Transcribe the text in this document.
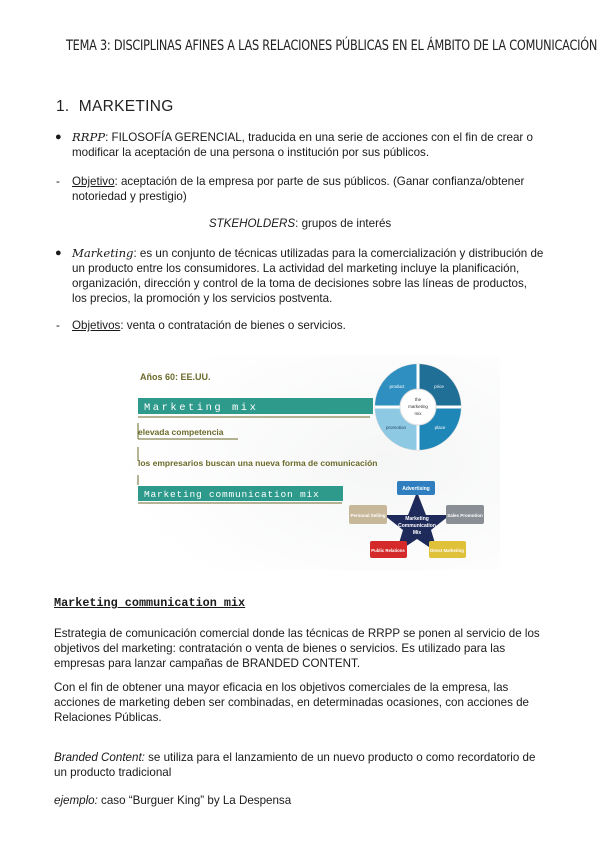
TEMA 3: DISCIPLINAS AFINES A LAS RELACIONES PÚBLICAS EN EL ÁMBITO DE LA COMUNICACIÓN
1. MARKETING
● RRPP: FILOSOFÍA GERENCIAL, traducida en una serie de acciones con el fin de crear o
modificar la aceptación de una persona o institución por sus públicos.
- Objetivo: aceptación de la empresa por parte de sus públicos. (Ganar confianza/obtener
notoriedad y prestigio)
STKEHOLDERS: grupos de interés
● Marketing: es un conjunto de técnicas utilizadas para la comercialización y distribución de
un producto entre los consumidores. La actividad del marketing incluye la planificación,
organización, dirección y control de la toma de decisiones sobre las líneas de productos,
los precios, la promoción y los servicios postventa.
- Objetivos: venta o contratación de bienes o servicios.
Años 60: EE.UU.
Marketing mix
elevada competencia
los empresarios buscan una nueva forma de comunicación
Marketing communication mix
the
marketing
mix
product	price
promotion	place
Marketing
Communication
Mix
Advertising
Sales Promotion
Direct Marketing
Public Relations
Personal Selling
Marketing communication mix
Estrategia de comunicación comercial donde las técnicas de RRPP se ponen al servicio de los
objetivos del marketing: contratación o venta de bienes o servicios. Es utilizado para las
empresas para lanzar campañas de BRANDED CONTENT.
Con el fin de obtener una mayor eficacia en los objetivos comerciales de la empresa, las
acciones de marketing deben ser combinadas, en determinadas ocasiones, con acciones de
Relaciones Públicas.
Branded Content: se utiliza para el lanzamiento de un nuevo producto o como recordatorio de
un producto tradicional
ejemplo: caso “Burguer King” by La Despensa
